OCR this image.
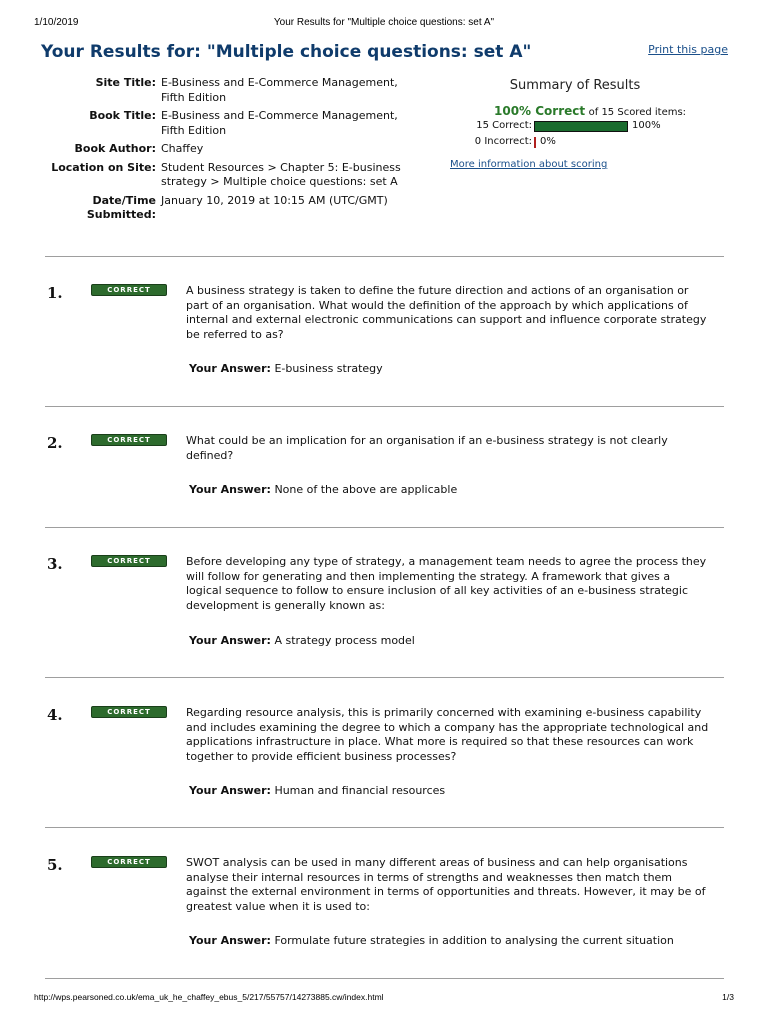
1/10/2019	Your Results for "Multiple choice questions: set A"
Your Results for: "Multiple choice questions: set A"	Print this page
Site Title: E-Business and E-Commerce Management,
Fifth Edition
Book Title: E-Business and E-Commerce Management,
Fifth Edition
Book Author: Chaffey
Location on Site: Student Resources > Chapter 5: E-business
strategy > Multiple choice questions: set A
Date/Time
Submitted:
January 10, 2019 at 10:15 AM (UTC/GMT)
Summary of Results
100% Correct of 15 Scored items:
15 Correct:	100%
0 Incorrect: 0%
More information about scoring
1.	CORRECT	A business strategy is taken to define the future direction and actions of an organisation or
part of an organisation. What would the definition of the approach by which applications of
internal and external electronic communications can support and influence corporate strategy
be referred to as?

Your Answer: E-business strategy
2.	CORRECT	What could be an implication for an organisation if an e-business strategy is not clearly
defined?

Your Answer: None of the above are applicable
3.	CORRECT	Before developing any type of strategy, a management team needs to agree the process they
will follow for generating and then implementing the strategy. A framework that gives a
logical sequence to follow to ensure inclusion of all key activities of an e-business strategic
development is generally known as:

Your Answer: A strategy process model
4.	CORRECT	Regarding resource analysis, this is primarily concerned with examining e-business capability
and includes examining the degree to which a company has the appropriate technological and
applications infrastructure in place. What more is required so that these resources can work
together to provide efficient business processes?

Your Answer: Human and financial resources
5.	CORRECT	SWOT analysis can be used in many different areas of business and can help organisations
analyse their internal resources in terms of strengths and weaknesses then match them
against the external environment in terms of opportunities and threats. However, it may be of
greatest value when it is used to:

Your Answer: Formulate future strategies in addition to analysing the current situation
http://wps.pearsoned.co.uk/ema_uk_he_chaffey_ebus_5/217/55757/14273885.cw/index.html	1/3
